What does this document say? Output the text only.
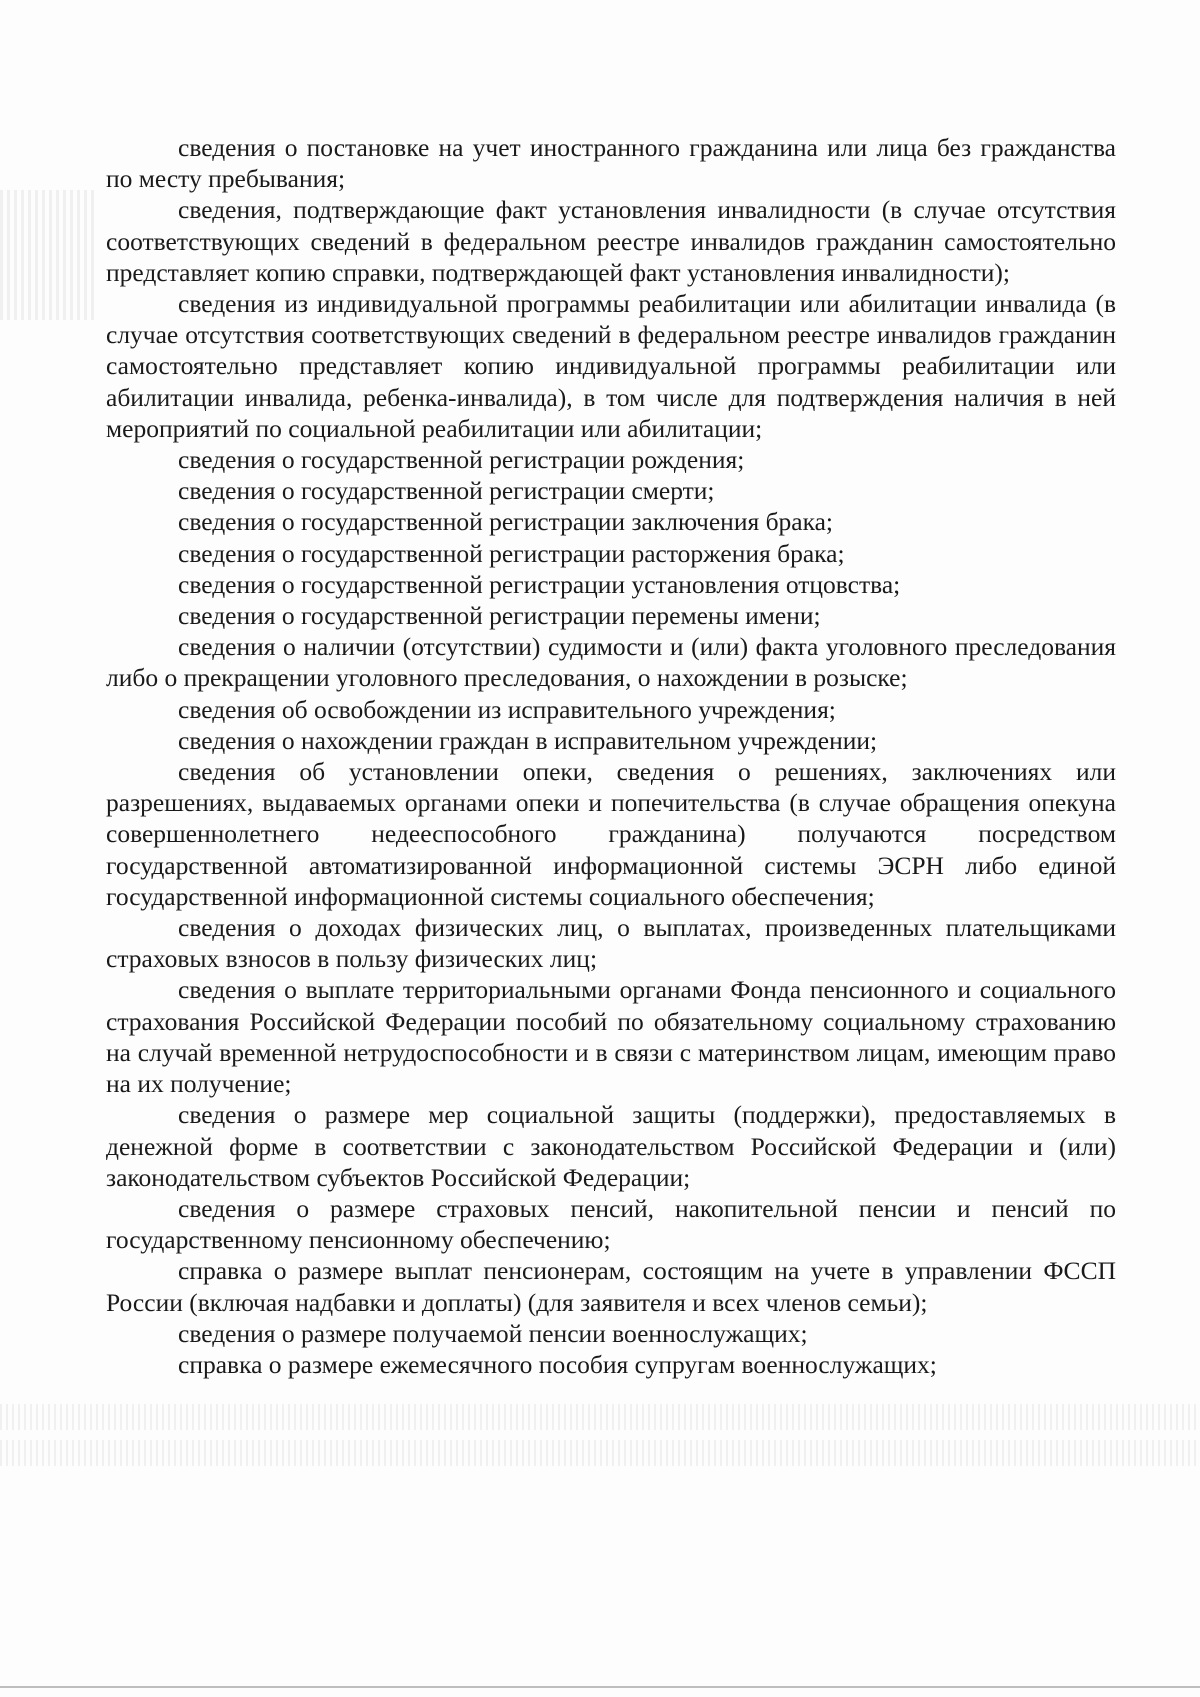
сведения о постановке на учет иностранного гражданина или лица без гражданства по месту пребывания;

сведения, подтверждающие факт установления инвалидности (в случае отсутствия соответствующих сведений в федеральном реестре инвалидов гражданин самостоятельно представляет копию справки, подтверждающей факт установления инвалидности);

сведения из индивидуальной программы реабилитации или абилитации инвалида (в случае отсутствия соответствующих сведений в федеральном реестре инвалидов гражданин самостоятельно представляет копию индивидуальной программы реабилитации или абилитации инвалида, ребенка-инвалида), в том числе для подтверждения наличия в ней мероприятий по социальной реабилитации или абилитации;

сведения о государственной регистрации рождения;

сведения о государственной регистрации смерти;

сведения о государственной регистрации заключения брака;

сведения о государственной регистрации расторжения брака;

сведения о государственной регистрации установления отцовства;

сведения о государственной регистрации перемены имени;

сведения о наличии (отсутствии) судимости и (или) факта уголовного преследования либо о прекращении уголовного преследования, о нахождении в розыске;

сведения об освобождении из исправительного учреждения;

сведения о нахождении граждан в исправительном учреждении;

сведения об установлении опеки, сведения о решениях, заключениях или разрешениях, выдаваемых органами опеки и попечительства (в случае обращения опекуна совершеннолетнего недееспособного гражданина) получаются посредством государственной автоматизированной информационной системы ЭСРН либо единой государственной информационной системы социального обеспечения;

сведения о доходах физических лиц, о выплатах, произведенных плательщиками страховых взносов в пользу физических лиц;

сведения о выплате территориальными органами Фонда пенсионного и социального страхования Российской Федерации пособий по обязательному социальному страхованию на случай временной нетрудоспособности и в связи с материнством лицам, имеющим право на их получение;

сведения о размере мер социальной защиты (поддержки), предоставляемых в денежной форме в соответствии с законодательством Российской Федерации и (или) законодательством субъектов Российской Федерации;

сведения о размере страховых пенсий, накопительной пенсии и пенсий по государственному пенсионному обеспечению;

справка о размере выплат пенсионерам, состоящим на учете в управлении ФССП России (включая надбавки и доплаты) (для заявителя и всех членов семьи);

сведения о размере получаемой пенсии военнослужащих;

справка о размере ежемесячного пособия супругам военнослужащих;
